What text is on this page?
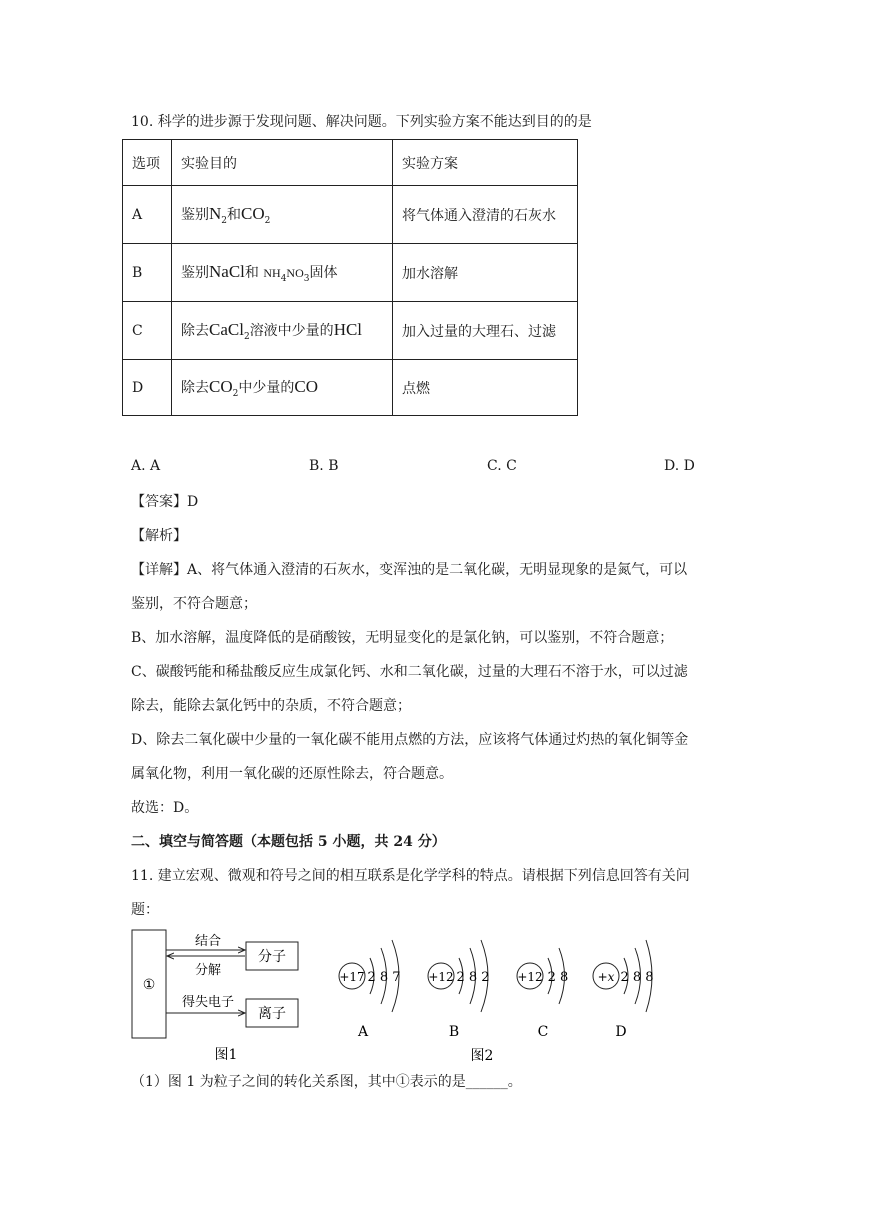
10. 科学的进步源于发现问题、解决问题。下列实验方案不能达到目的的是
选项	实验目的	实验方案
A	鉴别$N_2$和$CO_2$	将气体通入澄清的石灰水
B	鉴别NaCl和 $NH_4NO_3$固体	加水溶解
C	除去CaCl$_2$溶液中少量的HCl	加入过量的大理石、过滤
D	除去$CO_2$中少量的CO	点燃
A. A	B. B	C. C	D. D
【答案】D
【解析】
【详解】A、将气体通入澄清的石灰水，变浑浊的是二氧化碳，无明显现象的是氮气，可以
鉴别，不符合题意；
B、加水溶解，温度降低的是硝酸铵，无明显变化的是氯化钠，可以鉴别，不符合题意；
C、碳酸钙能和稀盐酸反应生成氯化钙、水和二氧化碳，过量的大理石不溶于水，可以过滤
除去，能除去氯化钙中的杂质，不符合题意；
D、除去二氧化碳中少量的一氧化碳不能用点燃的方法，应该将气体通过灼热的氧化铜等金
属氧化物，利用一氧化碳的还原性除去，符合题意。
故选：D。
二、填空与简答题（本题包括 5 小题，共 24 分）
11. 建立宏观、微观和符号之间的相互联系是化学学科的特点。请根据下列信息回答有关问
题：
①
分子
离子
结合
分解
得失电子
图1
+17 2 8 7
A
+12 2 8 2
B
+12 2 8
C
+x 2 8 8
D
图2
（1）图 1 为粒子之间的转化关系图，其中①表示的是______。
